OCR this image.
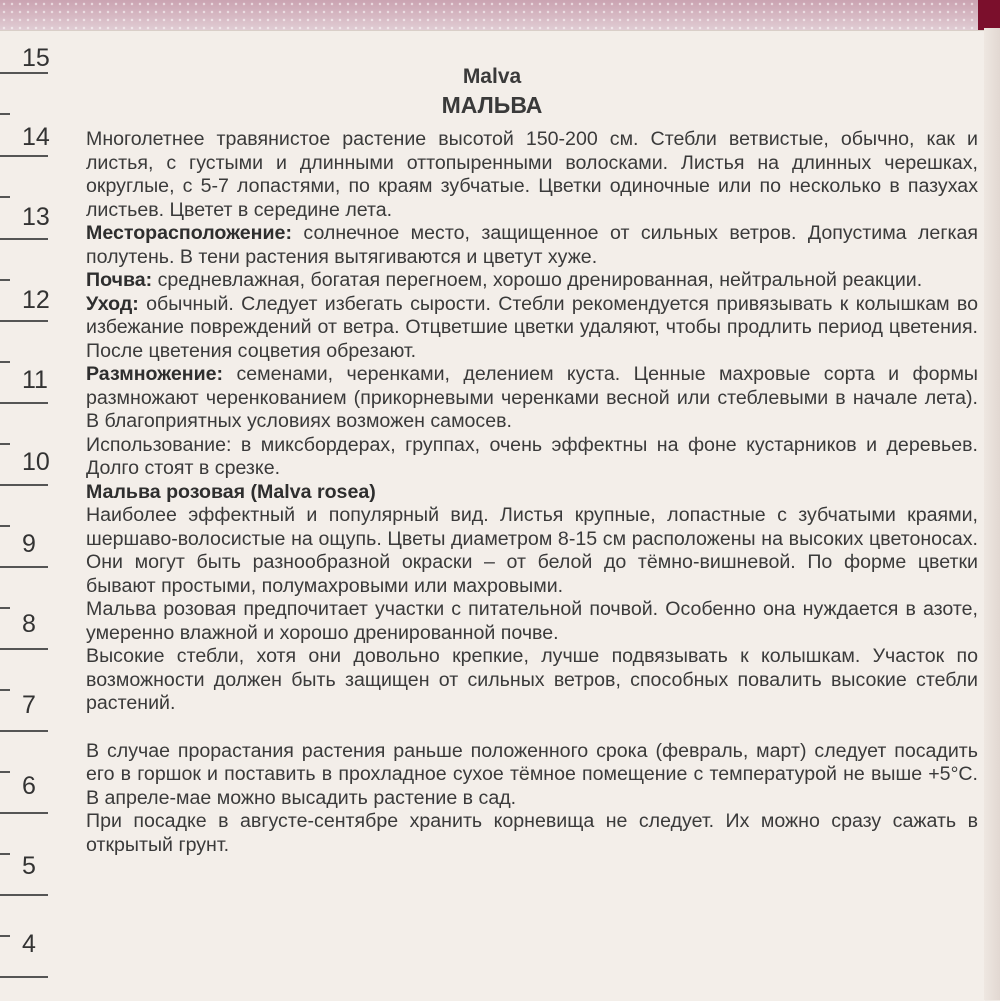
15
14
13
12
11
10
9
8
7
6
5
4
Malva
МАЛЬВА

Многолетнее травянистое растение высотой 150-200 см. Стебли ветвистые, обычно, как и листья, с густыми и длинными оттопыренными волосками. Листья на длинных черешках, округлые, с 5-7 лопастями, по краям зубчатые. Цветки одиночные или по несколько в пазухах листьев. Цветет в середине лета.

Месторасположение: солнечное место, защищенное от сильных ветров. Допустима легкая полутень. В тени растения вытягиваются и цветут хуже.

Почва: средневлажная, богатая перегноем, хорошо дренированная, нейтральной реакции.

Уход: обычный. Следует избегать сырости. Стебли рекомендуется привязывать к колышкам во избежание повреждений от ветра. Отцветшие цветки удаляют, чтобы продлить период цветения. После цветения соцветия обрезают.

Размножение: семенами, черенками, делением куста. Ценные махровые сорта и формы размножают черенкованием (прикорневыми черенками весной или стеблевыми в начале лета). В благоприятных условиях возможен самосев.

Использование: в миксбордерах, группах, очень эффектны на фоне кустарников и деревьев. Долго стоят в срезке.

Мальва розовая (Malva rosea)

Наиболее эффектный и популярный вид. Листья крупные, лопастные с зубчатыми краями, шершаво-волосистые на ощупь. Цветы диаметром 8-15 см расположены на высоких цветоносах. Они могут быть разнообразной окраски – от белой до тёмно-вишневой. По форме цветки бывают простыми, полумахровыми или махровыми.

Мальва розовая предпочитает участки с питательной почвой. Особенно она нуждается в азоте, умеренно влажной и хорошо дренированной почве.

Высокие стебли, хотя они довольно крепкие, лучше подвязывать к колышкам. Участок по возможности должен быть защищен от сильных ветров, способных повалить высокие стебли растений.

В случае прорастания растения раньше положенного срока (февраль, март) следует посадить его в горшок и поставить в прохладное сухое тёмное помещение с температурой не выше +5°С. В апреле-мае можно высадить растение в сад.

При посадке в августе-сентябре хранить корневища не следует. Их можно сразу сажать в открытый грунт.
